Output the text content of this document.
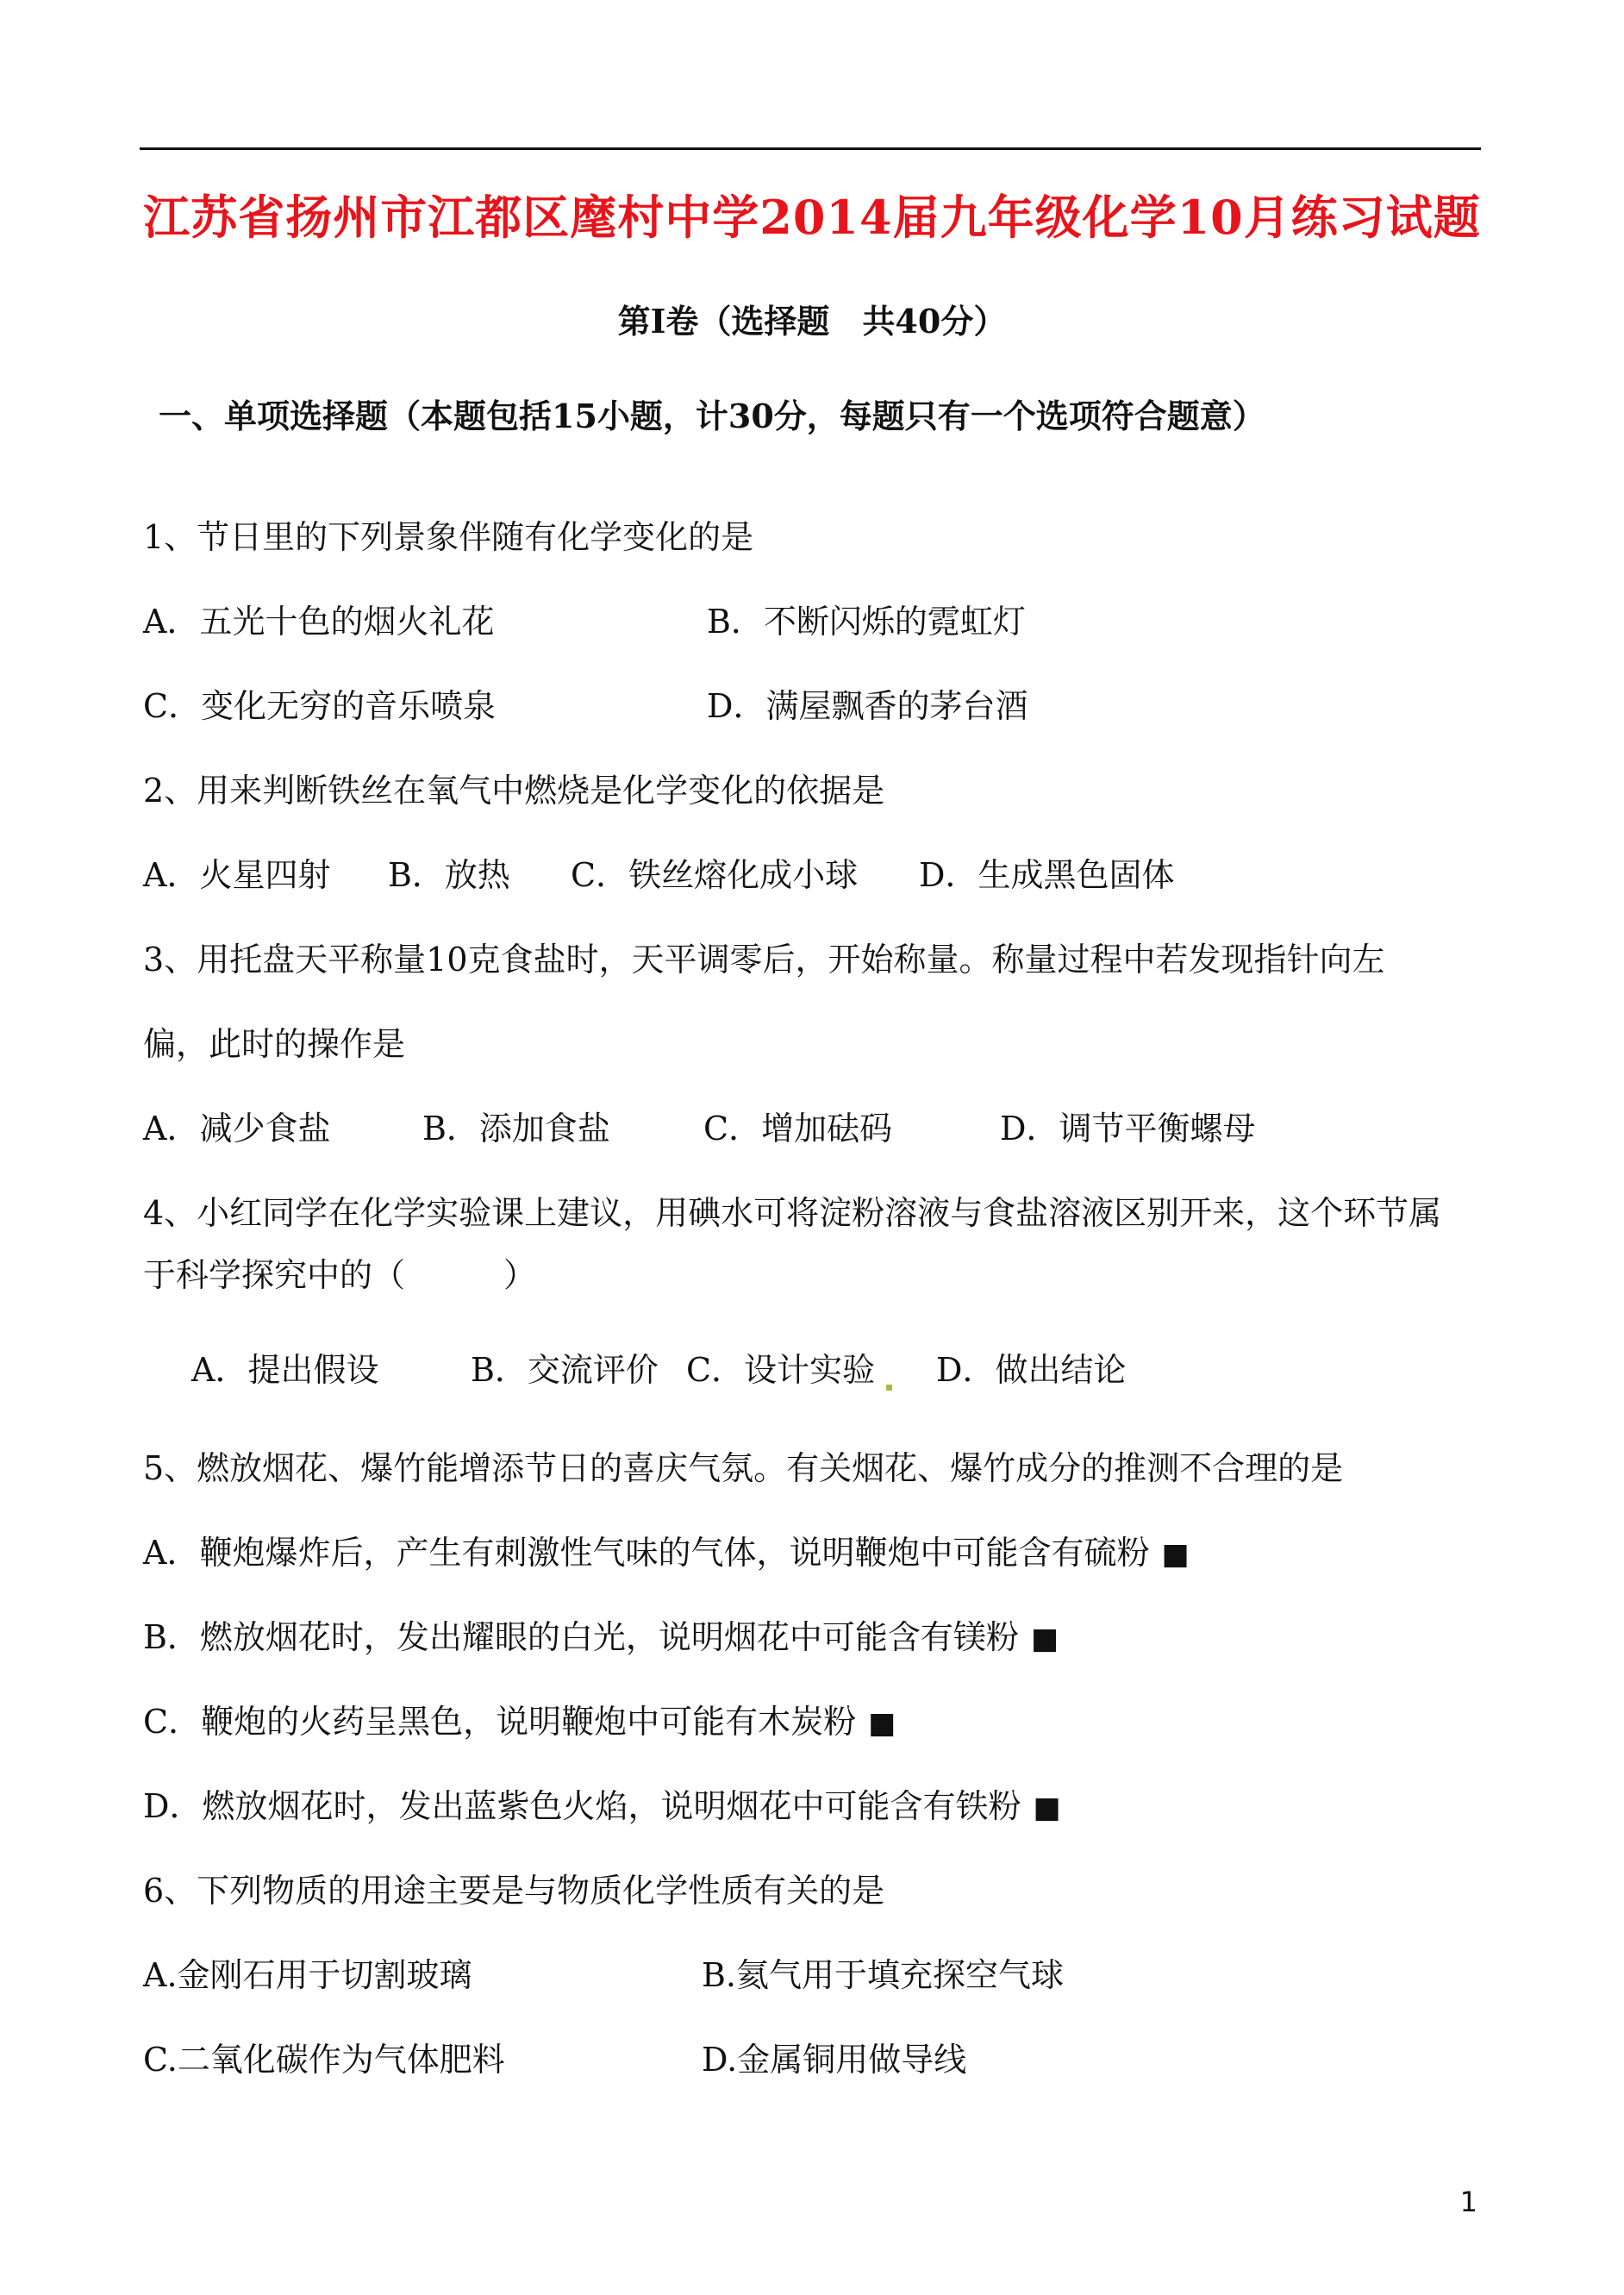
江苏省扬州市江都区麾村中学2014届九年级化学10月练习试题
第Ⅰ卷（选择题　共40分）
一、单项选择题（本题包括15小题，计30分，每题只有一个选项符合题意）
1、节日里的下列景象伴随有化学变化的是
A．五光十色的烟火礼花	B．不断闪烁的霓虹灯
C．变化无穷的音乐喷泉	D．满屋飘香的茅台酒
2、用来判断铁丝在氧气中燃烧是化学变化的依据是
A．火星四射 B．放热 C．铁丝熔化成小球 D．生成黑色固体
3、用托盘天平称量10克食盐时，天平调零后，开始称量。称量过程中若发现指针向左
偏，此时的操作是
A．减少食盐	B．添加食盐	C．增加砝码	D．调节平衡螺母
4、小红同学在化学实验课上建议，用碘水可将淀粉溶液与食盐溶液区别开来，这个环节属
于科学探究中的（　　　）
A．提出假设	B．交流评价 C．设计实验 D．做出结论
5、燃放烟花、爆竹能增添节日的喜庆气氛。有关烟花、爆竹成分的推测不合理的是
A．鞭炮爆炸后，产生有刺激性气味的气体，说明鞭炮中可能含有硫粉 ■
B．燃放烟花时，发出耀眼的白光，说明烟花中可能含有镁粉 ■
C．鞭炮的火药呈黑色，说明鞭炮中可能有木炭粉 ■
D．燃放烟花时，发出蓝紫色火焰，说明烟花中可能含有铁粉 ■
6、下列物质的用途主要是与物质化学性质有关的是
A.金刚石用于切割玻璃	B.氦气用于填充探空气球
C.二氧化碳作为气体肥料	D.金属铜用做导线
1
